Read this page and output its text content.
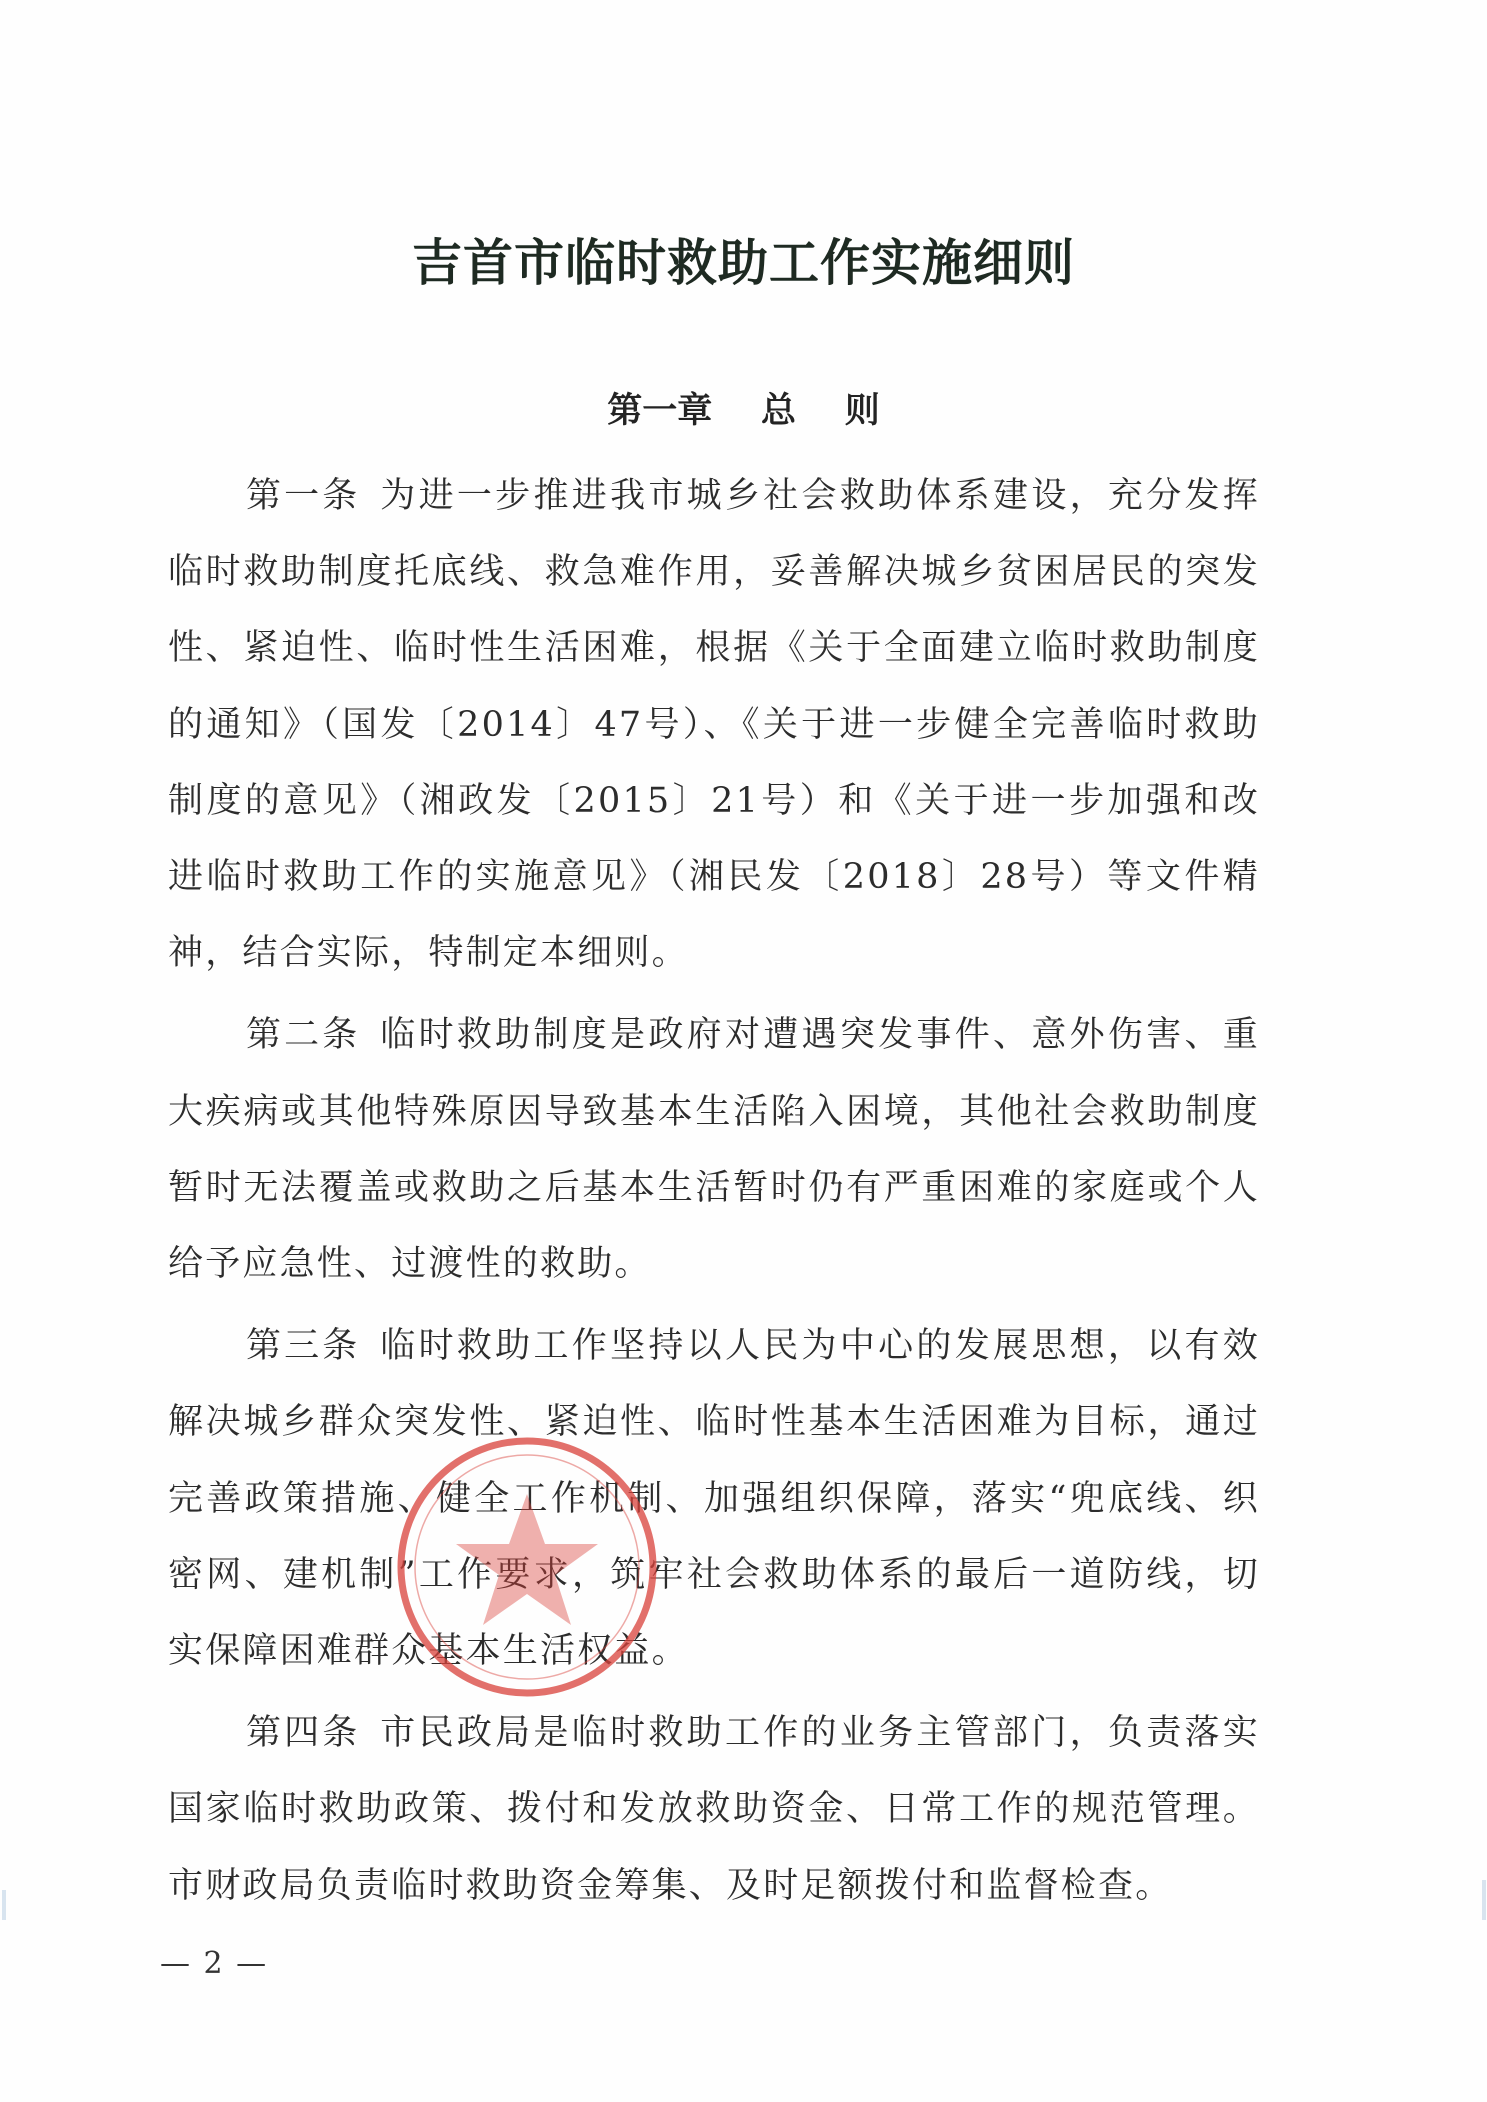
吉首市临时救助工作实施细则
第一章    总    则

第一条 为进一步推进我市城乡社会救助体系建设，充分发挥临时救助制度托底线、救急难作用，妥善解决城乡贫困居民的突发性、紧迫性、临时性生活困难，根据《关于全面建立临时救助制度的通知》（国发〔2014〕47号）、《关于进一步健全完善临时救助制度的意见》（湘政发〔2015〕21号）和《关于进一步加强和改进临时救助工作的实施意见》（湘民发〔2018〕28号）等文件精神，结合实际，特制定本细则。

第二条 临时救助制度是政府对遭遇突发事件、意外伤害、重大疾病或其他特殊原因导致基本生活陷入困境，其他社会救助制度暂时无法覆盖或救助之后基本生活暂时仍有严重困难的家庭或个人给予应急性、过渡性的救助。

第三条 临时救助工作坚持以人民为中心的发展思想，以有效解决城乡群众突发性、紧迫性、临时性基本生活困难为目标，通过完善政策措施、健全工作机制、加强组织保障，落实“兜底线、织密网、建机制”工作要求，筑牢社会救助体系的最后一道防线，切实保障困难群众基本生活权益。

第四条 市民政局是临时救助工作的业务主管部门，负责落实国家临时救助政策、拨付和发放救助资金、日常工作的规范管理。市财政局负责临时救助资金筹集、及时足额拨付和监督检查。

— 2 —
